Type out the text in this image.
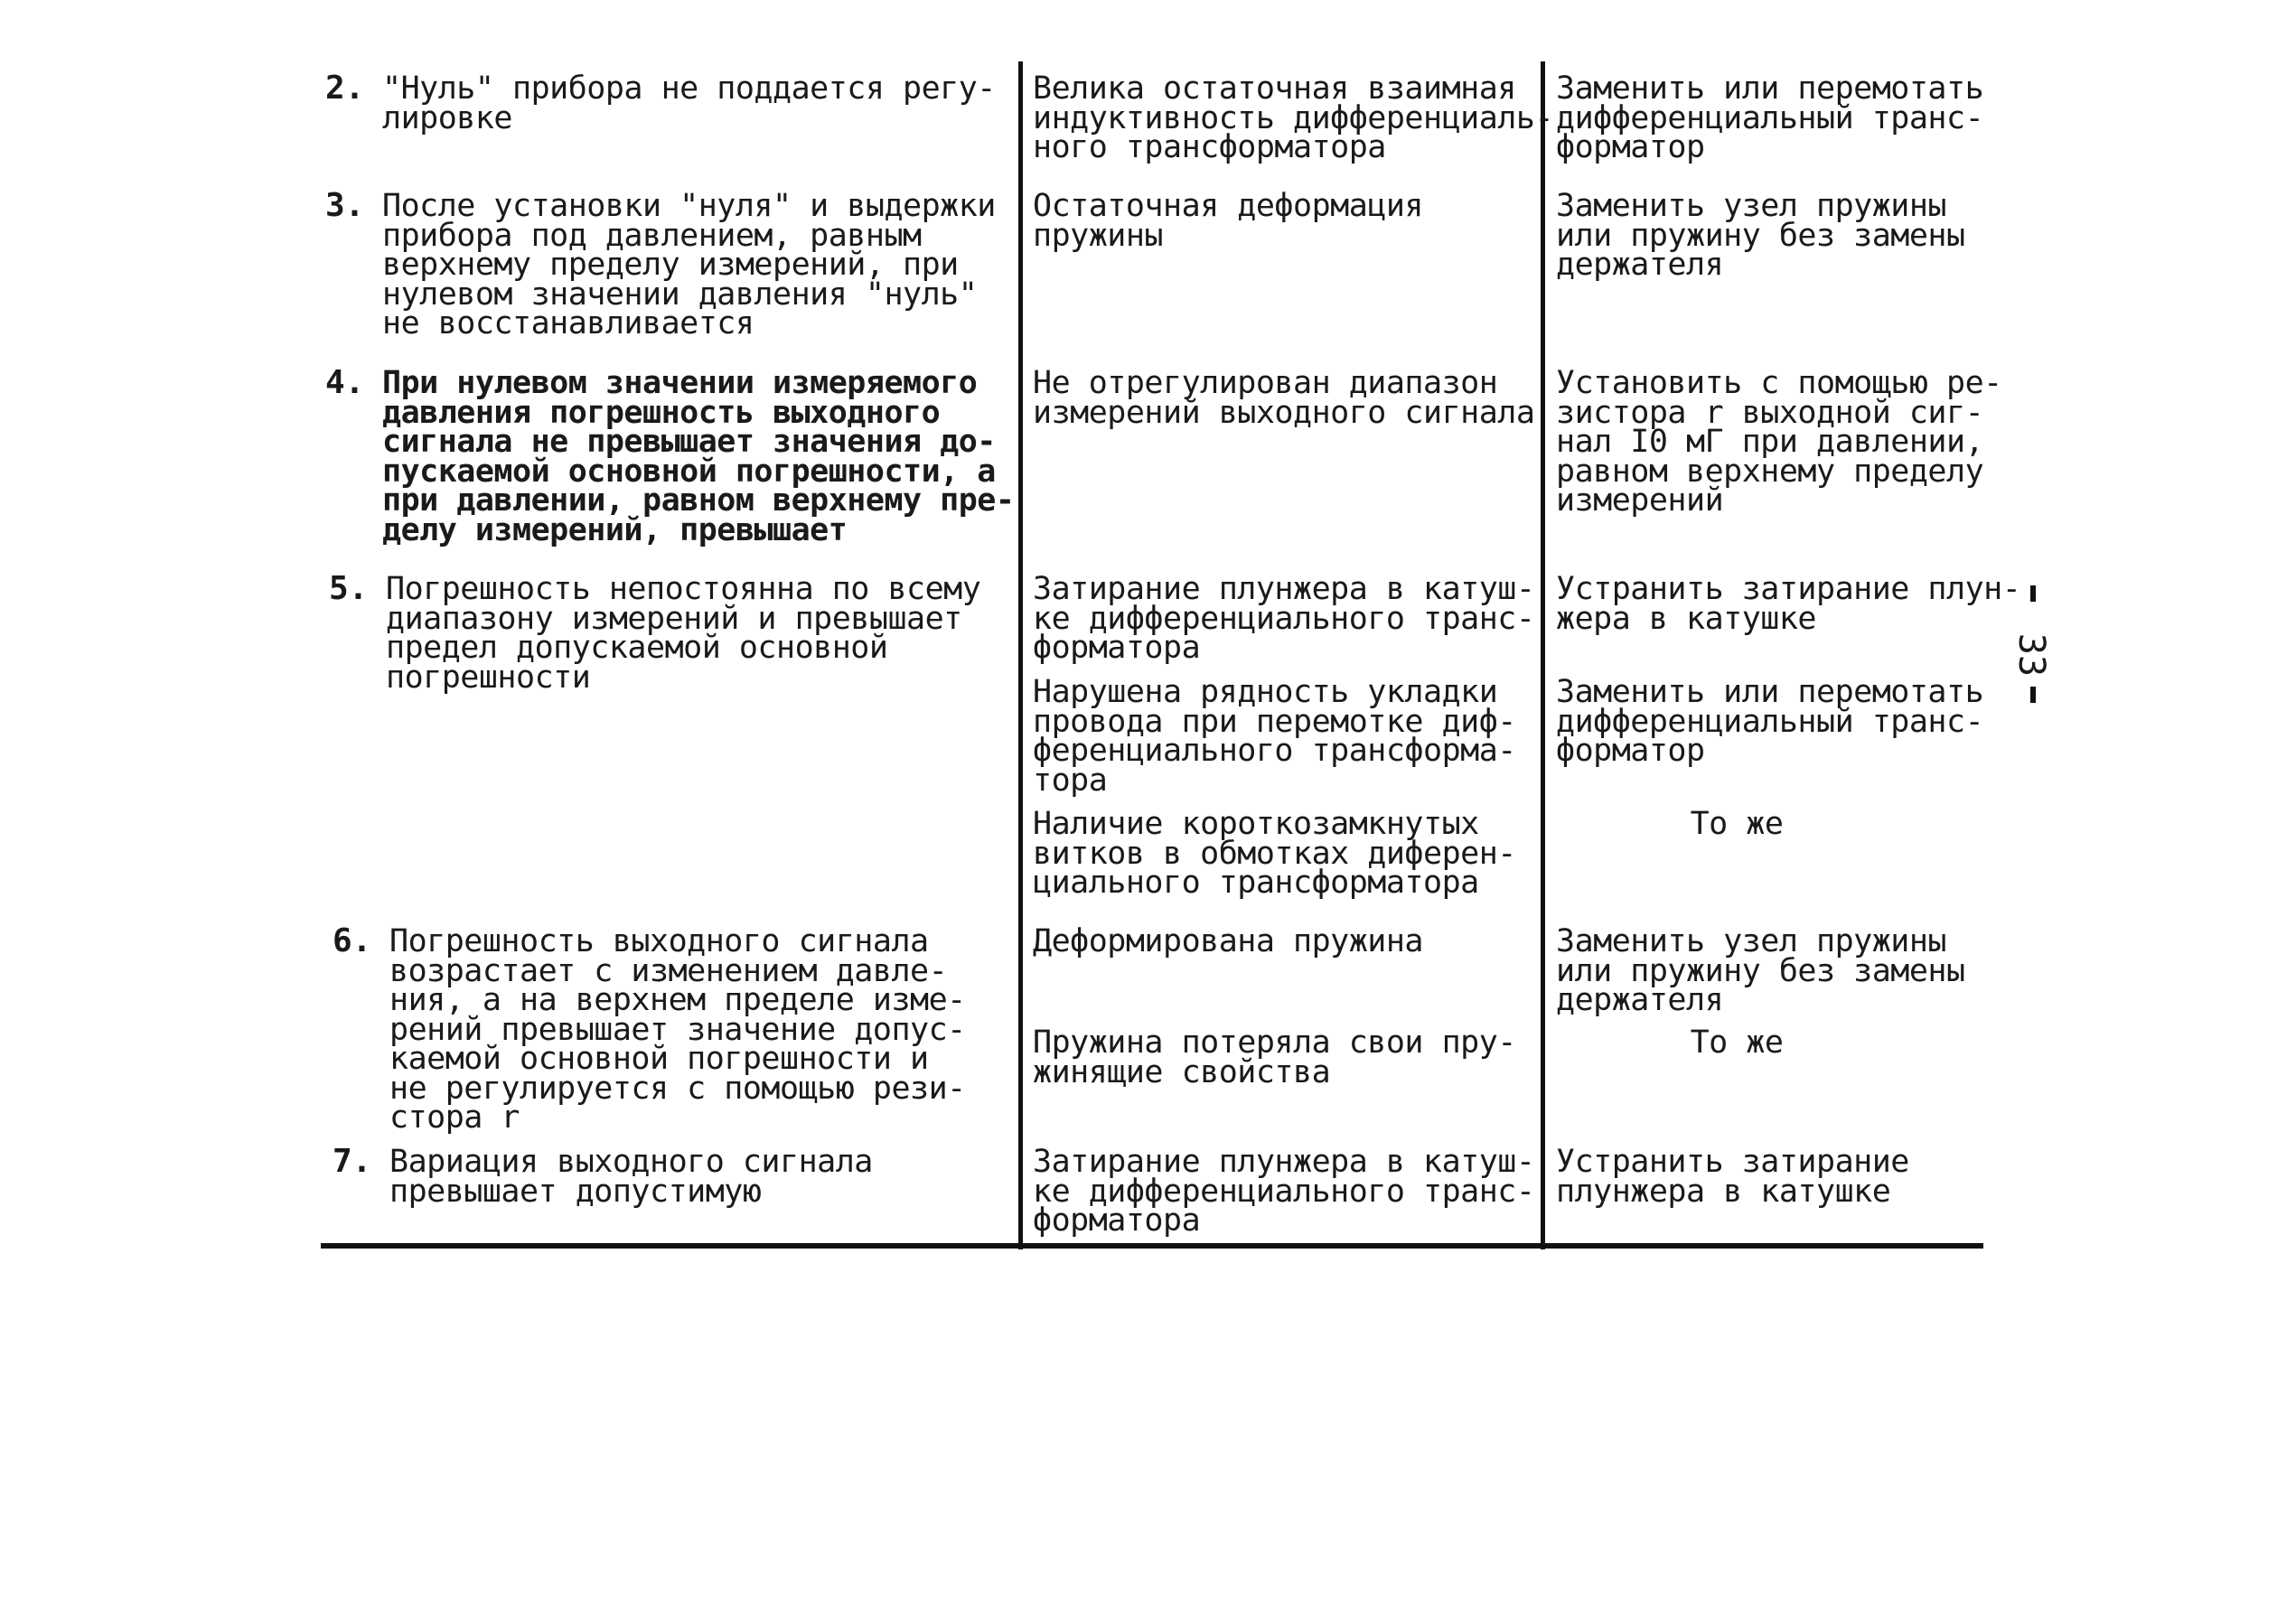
2. "Нуль" прибора не поддается регу-
лировке
Велика остаточная взаимная
индуктивность дифференциаль-
ного трансформатора
Заменить или перемотать
дифференциальный транс-
форматор
3. После установки "нуля" и выдержки
прибора под давлением, равным
верхнему пределу измерений, при
нулевом значении давления "нуль"
не восстанавливается
Остаточная деформация
пружины
Заменить узел пружины
или пружину без замены
держателя
4. При нулевом значении измеряемого
давления погрешность выходного
сигнала не превышает значения до-
пускаемой основной погрешности, а
при давлении, равном верхнему пре-
делу измерений, превышает
Не отрегулирован диапазон
измерений выходного сигнала
Установить с помощью ре-
зистора r выходной сиг-
нал I0 мГ при давлении,
равном верхнему пределу
измерений
5. Погрешность непостоянна по всему
диапазону измерений и превышает
предел допускаемой основной
погрешности
Затирание плунжера в катуш-
ке дифференциального транс-
форматора
Нарушена рядность укладки
провода при перемотке диф-
ференциального трансформа-
тора
Наличие короткозамкнутых
витков в обмотках диферен-
циального трансформатора
Устранить затирание плун-
жера в катушке
Заменить или перемотать
дифференциальный транс-
форматор
То же
6. Погрешность выходного сигнала
возрастает с изменением давле-
ния, а на верхнем пределе изме-
рений превышает значение допус-
каемой основной погрешности и
не регулируется с помощью рези-
стора r
Деформирована пружина
Пружина потеряла свои пру-
жинящие свойства
Заменить узел пружины
или пружину без замены
держателя
То же
7. Вариация выходного сигнала
превышает допустимую
Затирание плунжера в катуш-
ке дифференциального транс-
форматора
Устранить затирание
плунжера в катушке
33
